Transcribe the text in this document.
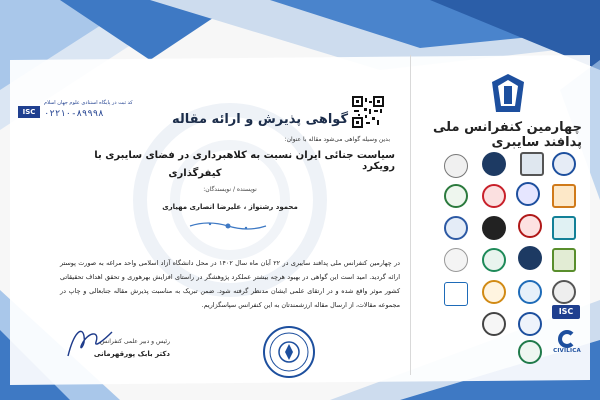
چهارمین کنفرانس ملی پدافند سایبری
ISC
CIVILICA
ISC
کد ثبت در پایگاه استنادی علوم جهان اسلام
۰۲۲۱۰-۸۹۹۹۸	گواهی پذیرش و ارائه مقاله
بدین وسیله گواهی می‌شود مقاله با عنوان:
سیاست جنائی ایران نسبت به کلاهبرداری در فضای سایبری با رویکرد
کیفرگذاری
نویسنده / نویسندگان:
محمود رشنواز ، علیرضا انصاری مهیاری
در چهارمین کنفرانس ملی پدافند سایبری در ۲۲ آبان ماه سال ۱۴۰۲ در محل دانشگاه آزاد اسلامی واحد مراغه به صورت پوستر ارائه گردید. امید است این گواهی در بهبود هرچه بیشتر عملکرد پژوهشگر در راستای افزایش بهرهوری و تحقق اهداف تحقیقاتی کشور موثر واقع شده و در ارتقای علمی ایشان مدنظر گرفته شود. ضمن تبریک به مناسبت پذیرش مقاله جنابعالی و چاپ در مجموعه مقالات، از ارسال مقاله ارزشمندتان به این کنفرانس سپاسگزاریم.
رئیس و دبیر علمی کنفرانس
دکتر بابک پورقهرمانی
